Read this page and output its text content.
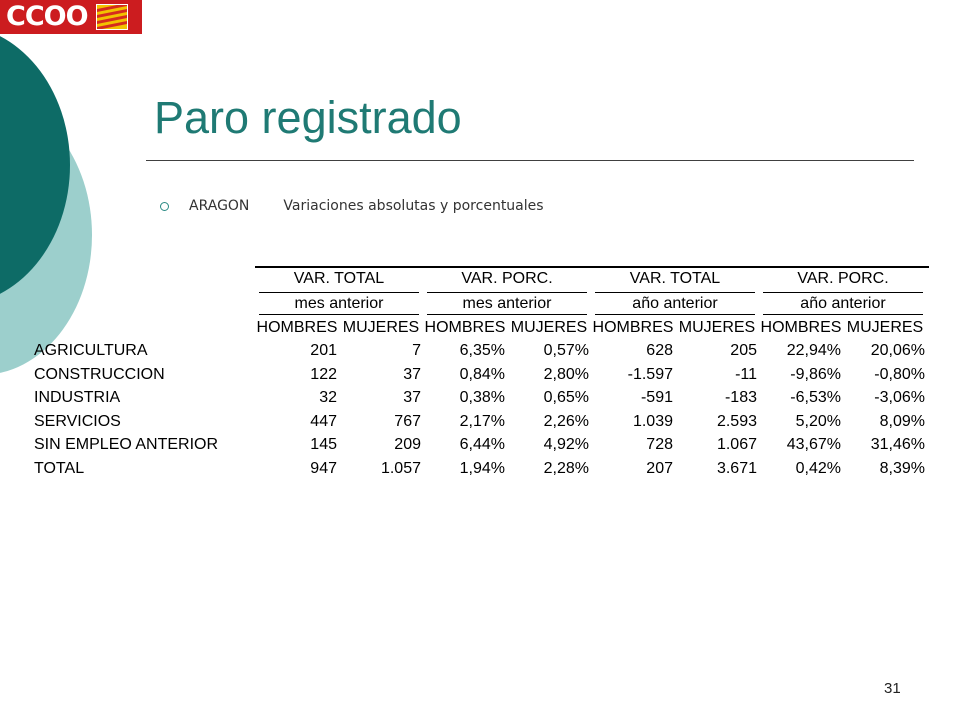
CCOO
Paro registrado
ARAGON Variaciones absolutas y porcentuales
VAR. TOTAL	VAR. PORC.	VAR. TOTAL	VAR. PORC.
mes anterior	mes anterior	año anterior	año anterior
HOMBRES MUJERES HOMBRES MUJERES HOMBRES MUJERES HOMBRES MUJERES
AGRICULTURA	201	7	6,35%	0,57%	628	205	22,94%	20,06%
CONSTRUCCION	122	37	0,84%	2,80%	-1.597	-11	-9,86%	-0,80%
INDUSTRIA	32	37	0,38%	0,65%	-591	-183	-6,53%	-3,06%
SERVICIOS	447	767	2,17%	2,26%	1.039	2.593	5,20%	8,09%
SIN EMPLEO ANTERIOR	145	209	6,44%	4,92%	728	1.067	43,67%	31,46%
TOTAL	947	1.057	1,94%	2,28%	207	3.671	0,42%	8,39%
31
